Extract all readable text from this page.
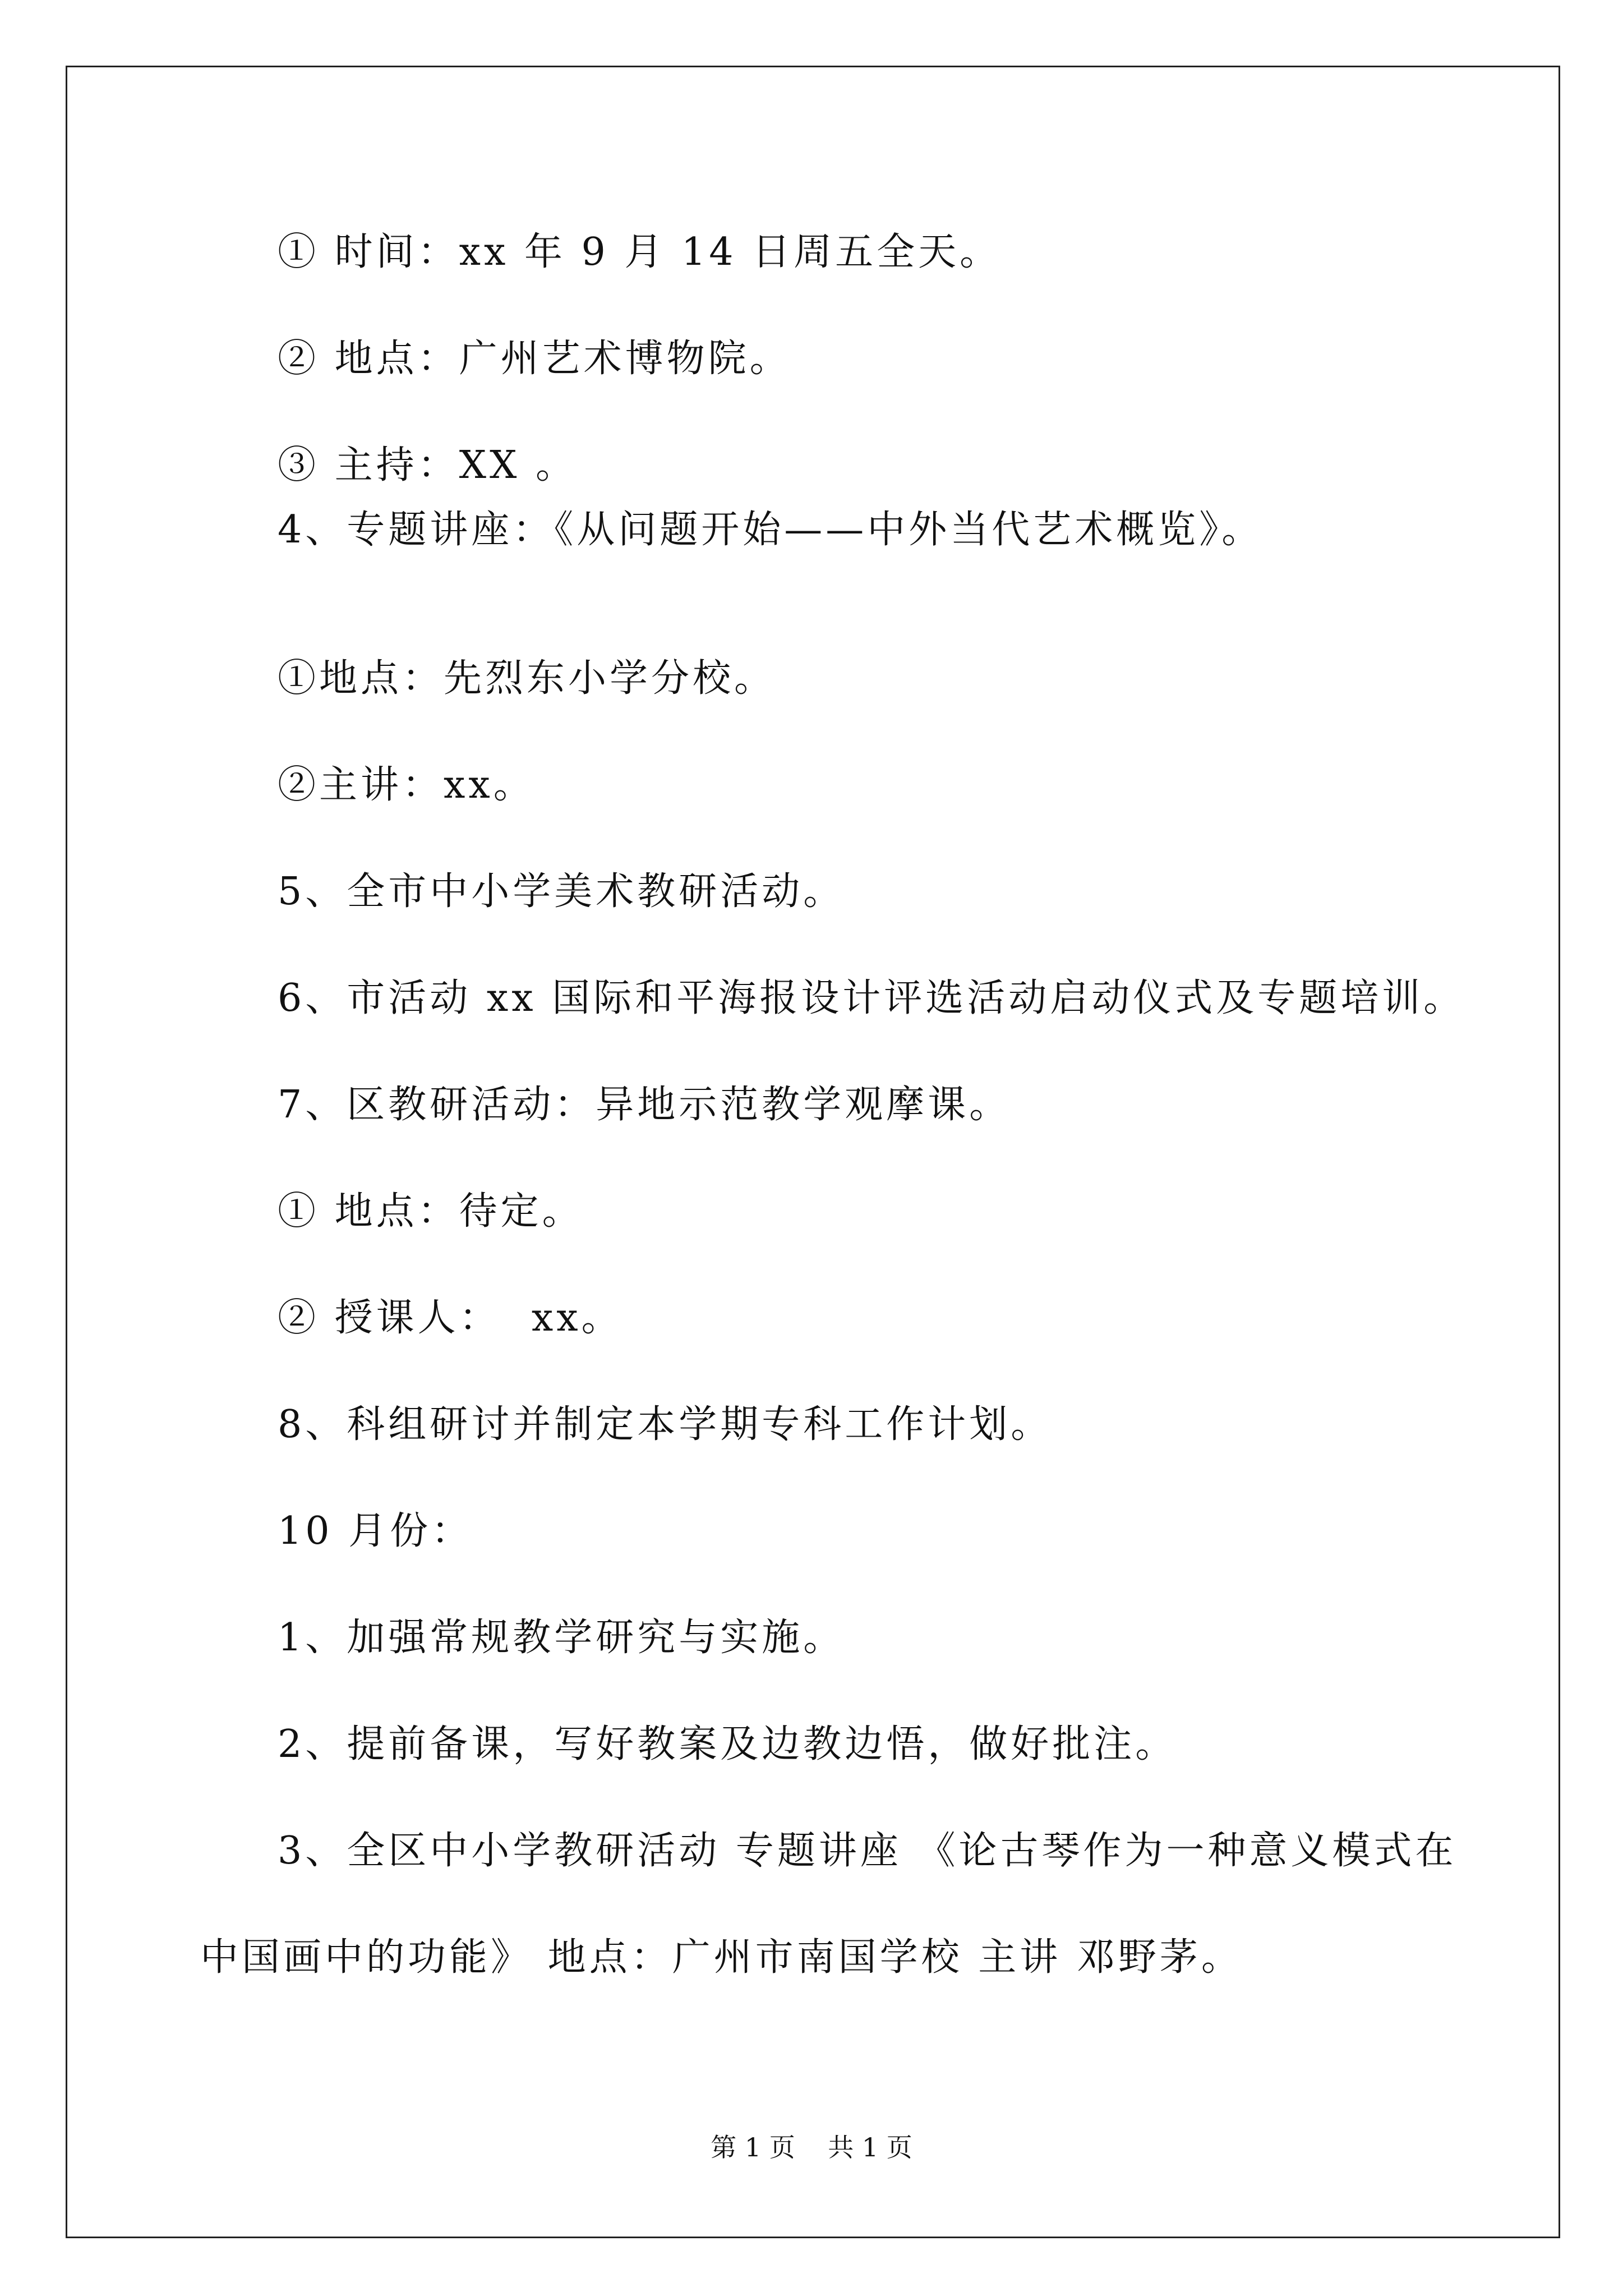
① 时间：xx 年 9 月 14 日周五全天。
② 地点：广州艺术博物院。
③ 主持：XX 。
4、专题讲座：《从问题开始——中外当代艺术概览》。
①地点：先烈东小学分校。
②主讲：xx。
5、全市中小学美术教研活动。
6、市活动 xx 国际和平海报设计评选活动启动仪式及专题培训。
7、区教研活动：异地示范教学观摩课。
① 地点：待定。
② 授课人：  xx。
8、科组研讨并制定本学期专科工作计划。
10 月份：
1、加强常规教学研究与实施。
2、提前备课，写好教案及边教边悟，做好批注。
3、全区中小学教研活动 专题讲座 《论古琴作为一种意义模式在
中国画中的功能》 地点：广州市南国学校 主讲 邓野茅。
第 1 页    共 1 页
